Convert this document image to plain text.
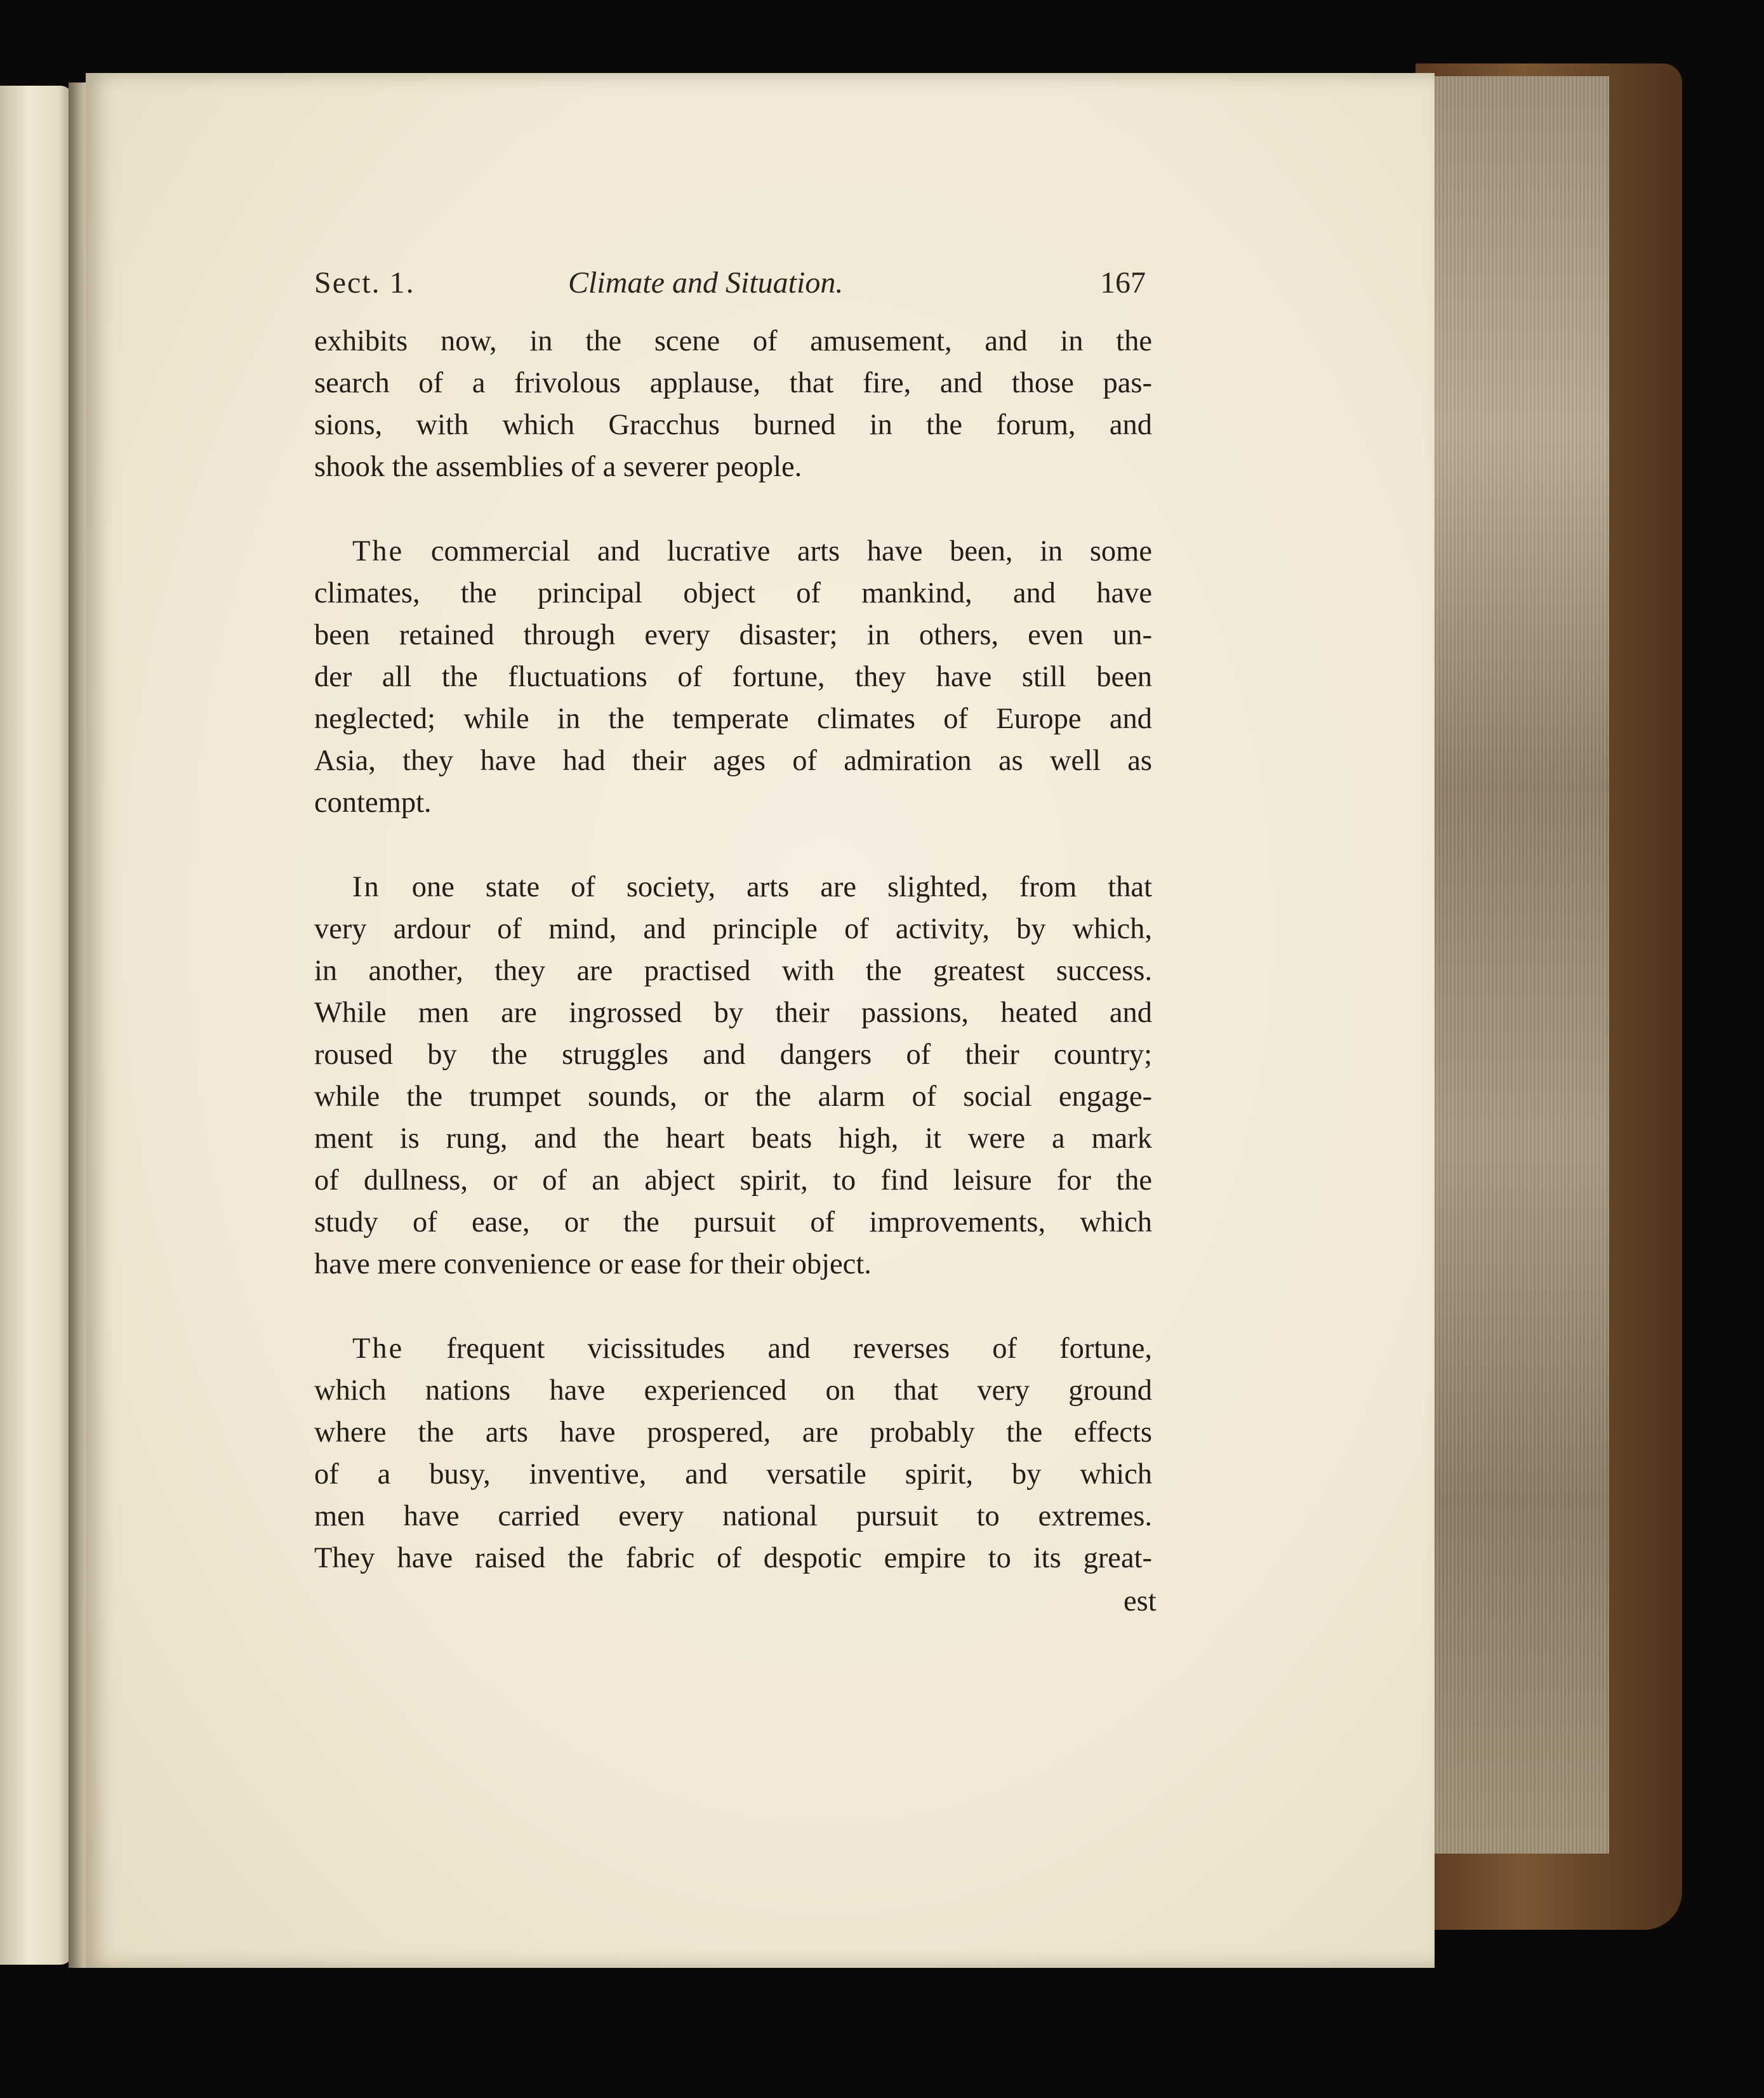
Sect. 1.	Climate and Situation.	167
exhibits now, in the scene of amusement, and in the
search of a frivolous applause, that fire, and those pas-
sions, with which Gracchus burned in the forum, and
shook the assemblies of a severer people.
The commercial and lucrative arts have been, in some
climates, the principal object of mankind, and have
been retained through every disaster; in others, even un-
der all the fluctuations of fortune, they have still been
neglected; while in the temperate climates of Europe and
Asia, they have had their ages of admiration as well as
contempt.
In one state of society, arts are slighted, from that
very ardour of mind, and principle of activity, by which,
in another, they are practised with the greatest success.
While men are ingrossed by their passions, heated and
roused by the struggles and dangers of their country;
while the trumpet sounds, or the alarm of social engage-
ment is rung, and the heart beats high, it were a mark
of dullness, or of an abject spirit, to find leisure for the
study of ease, or the pursuit of improvements, which
have mere convenience or ease for their object.
The frequent vicissitudes and reverses of fortune,
which nations have experienced on that very ground
where the arts have prospered, are probably the effects
of a busy, inventive, and versatile spirit, by which
men have carried every national pursuit to extremes.
They have raised the fabric of despotic empire to its great-
est
